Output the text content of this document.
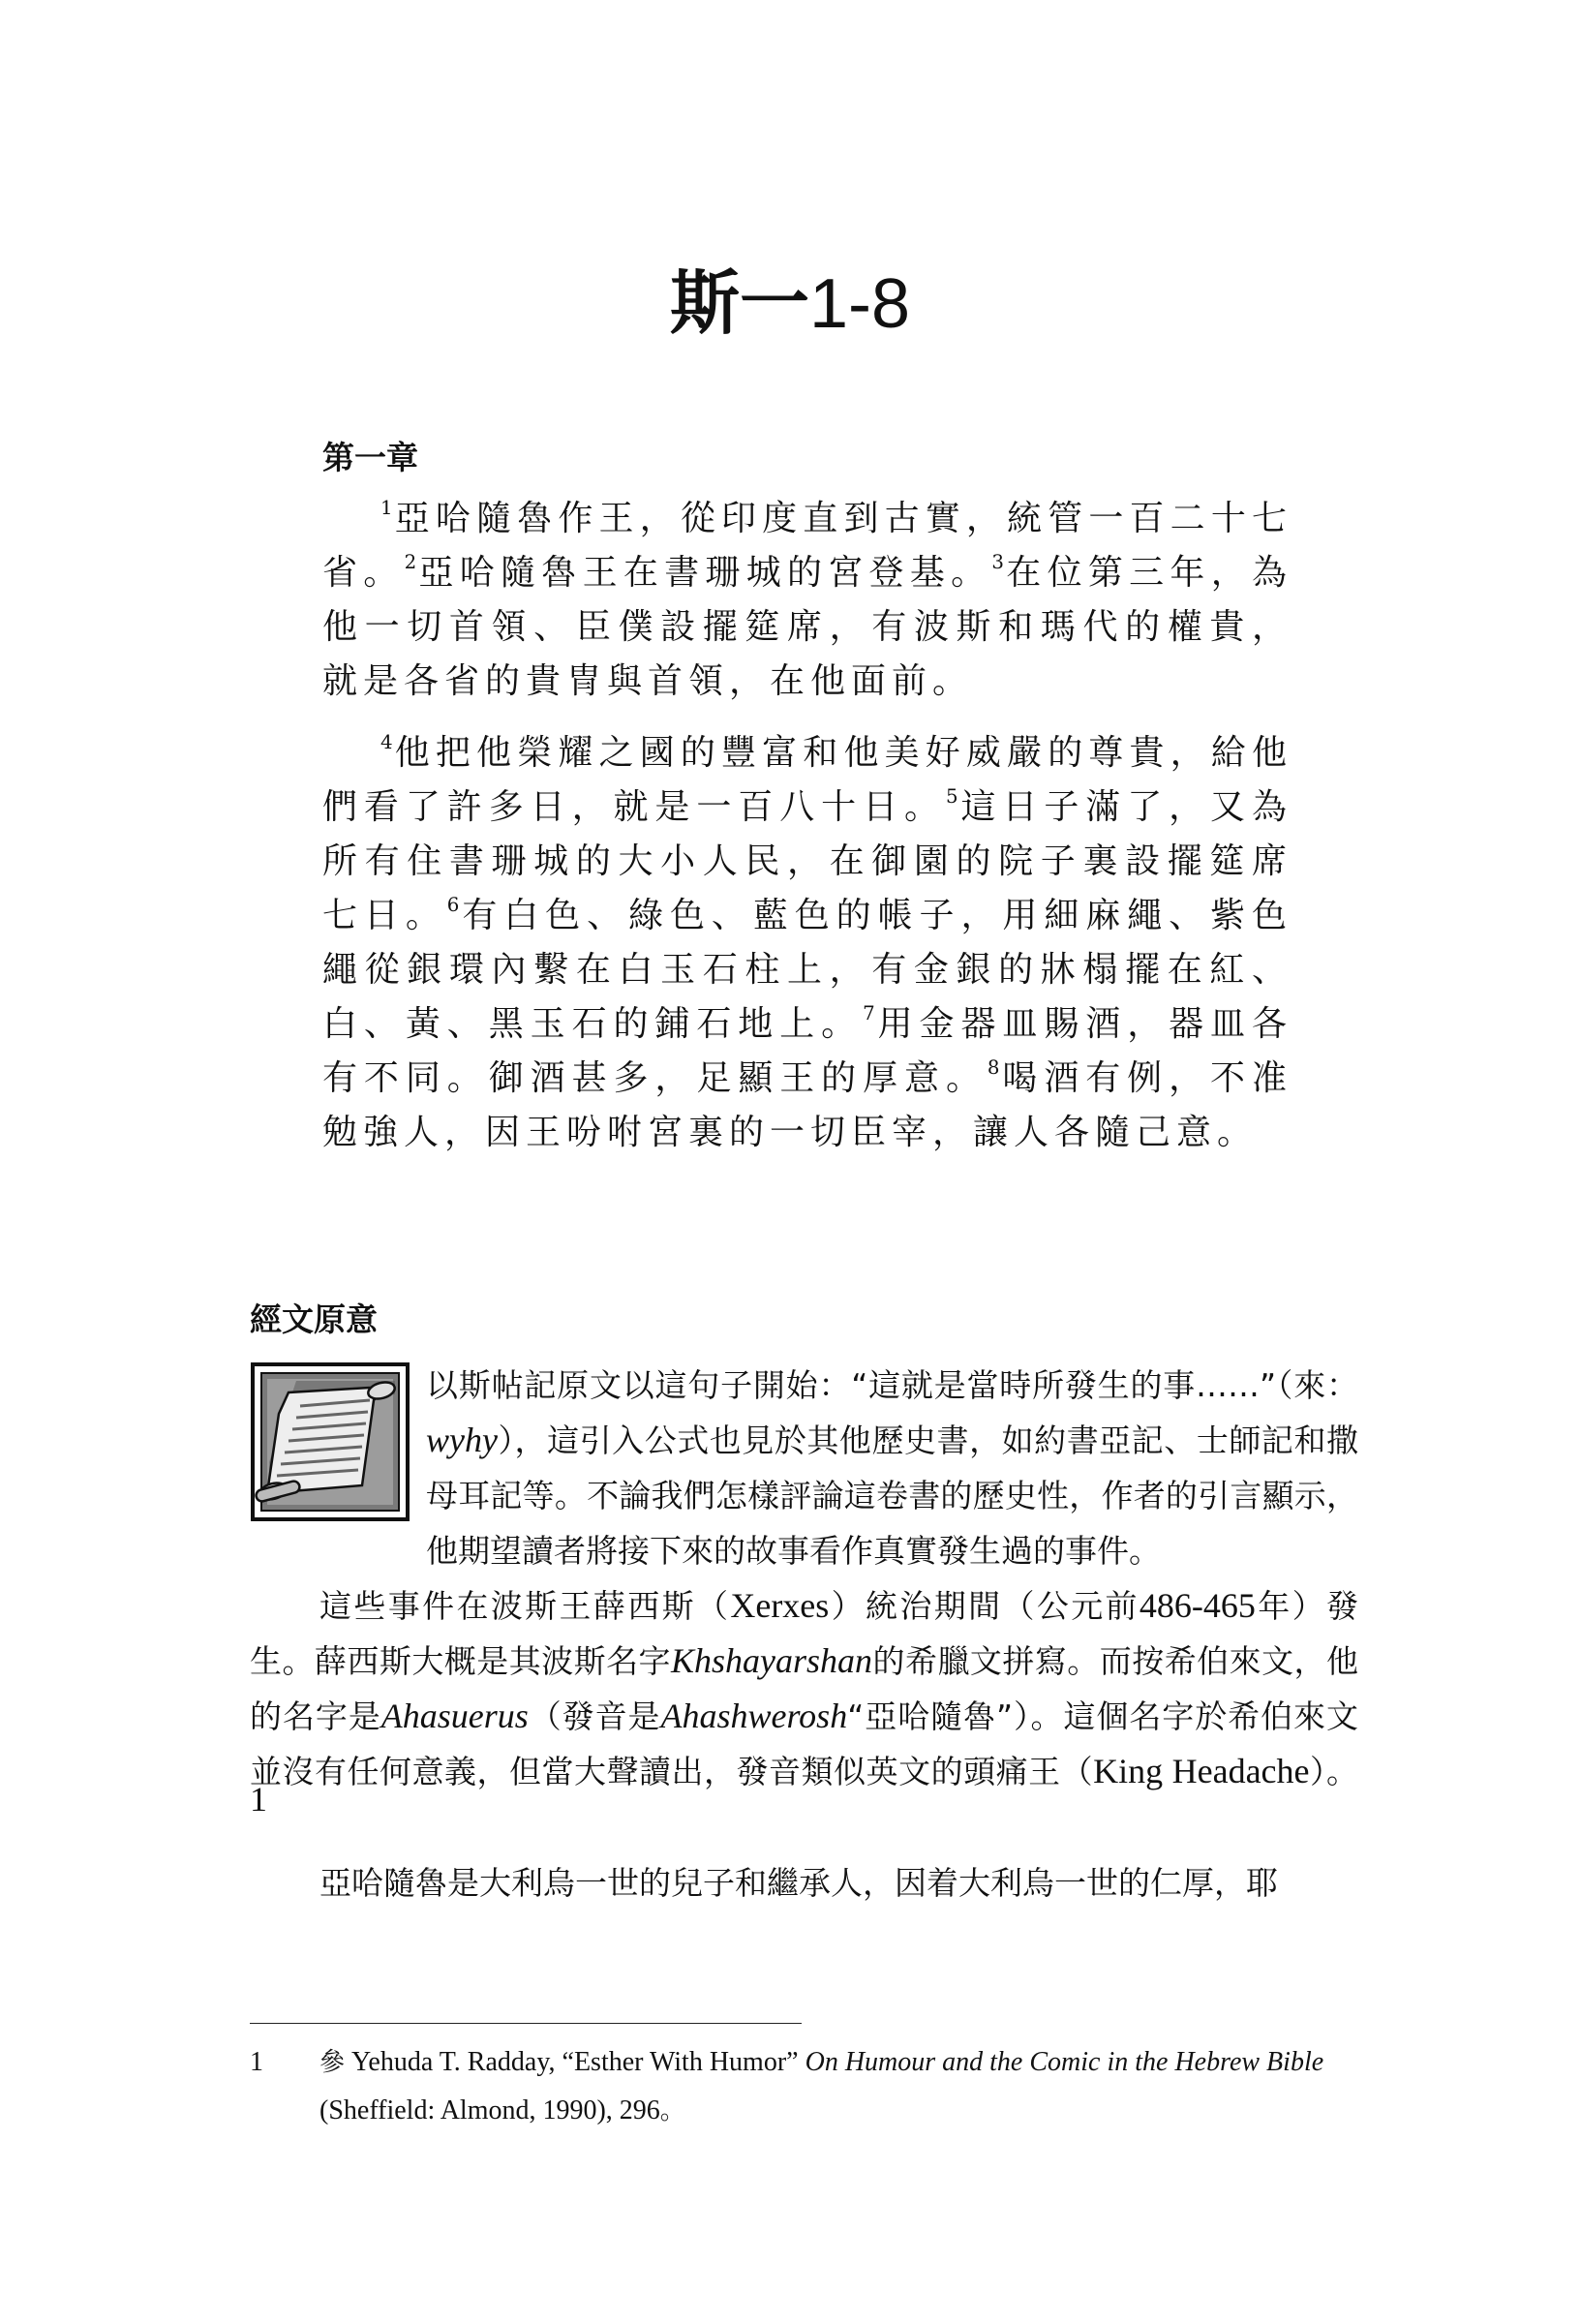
斯一1-8
第一章

$^1$亞哈隨魯作王，從印度直到古實，統管一百二十七省。$^2$亞哈隨魯王在書珊城的宮登基。$^3$在位第三年，為他一切首領、臣僕設擺筵席，有波斯和瑪代的權貴，就是各省的貴冑與首領，在他面前。

$^4$他把他榮耀之國的豐富和他美好威嚴的尊貴，給他們看了許多日，就是一百八十日。$^5$這日子滿了，又為所有住書珊城的大小人民，在御園的院子裏設擺筵席七日。$^6$有白色、綠色、藍色的帳子，用細麻繩、紫色繩從銀環內繫在白玉石柱上，有金銀的牀榻擺在紅、白、黃、黑玉石的鋪石地上。$^7$用金器皿賜酒，器皿各有不同。御酒甚多，足顯王的厚意。$^8$喝酒有例，不准勉強人，因王吩咐宮裏的一切臣宰，讓人各隨己意。

經文原意

以斯帖記原文以這句子開始：“這就是當時所發生的事……”（來：wyhy），這引入公式也見於其他歷史書，如約書亞記、士師記和撒母耳記等。不論我們怎樣評論這卷書的歷史性，作者的引言顯示，他期望讀者將接下來的故事看作真實發生過的事件。

這些事件在波斯王薛西斯（Xerxes）統治期間（公元前486-465年）發生。薛西斯大概是其波斯名字Khshayarshan的希臘文拼寫。而按希伯來文，他的名字是Ahasuerus（發音是Ahashwerosh“亞哈隨魯”）。這個名字於希伯來文並沒有任何意義，但當大聲讀出，發音類似英文的頭痛王（King Headache）。$^1$

亞哈隨魯是大利烏一世的兒子和繼承人，因着大利烏一世的仁厚，耶

1	參 Yehuda T. Radday, “Esther With Humor” On Humour and the Comic in the Hebrew Bible (Sheffield: Almond, 1990), 296。
